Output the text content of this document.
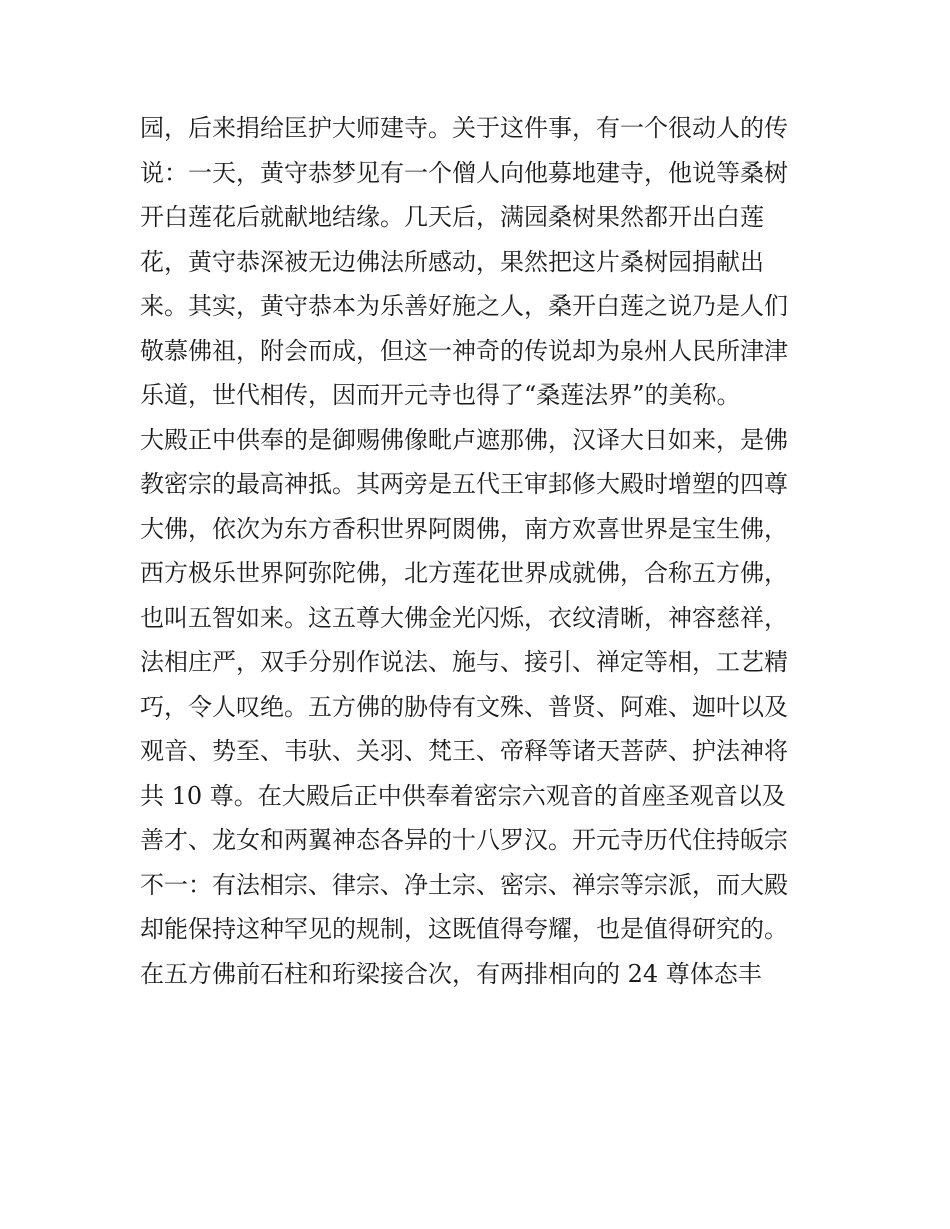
园，后来捐给匡护大师建寺。关于这件事，有一个很动人的传
说：一天，黄守恭梦见有一个僧人向他募地建寺，他说等桑树
开白莲花后就献地结缘。几天后，满园桑树果然都开出白莲
花，黄守恭深被无边佛法所感动，果然把这片桑树园捐献出
来。其实，黄守恭本为乐善好施之人，桑开白莲之说乃是人们
敬慕佛祖，附会而成，但这一神奇的传说却为泉州人民所津津
乐道，世代相传，因而开元寺也得了“桑莲法界”的美称。
大殿正中供奉的是御赐佛像毗卢遮那佛，汉译大日如来，是佛
教密宗的最高神抵。其两旁是五代王审邽修大殿时增塑的四尊
大佛，依次为东方香积世界阿閦佛，南方欢喜世界是宝生佛，
西方极乐世界阿弥陀佛，北方莲花世界成就佛，合称五方佛，
也叫五智如来。这五尊大佛金光闪烁，衣纹清晰，神容慈祥，
法相庄严，双手分别作说法、施与、接引、禅定等相，工艺精
巧，令人叹绝。五方佛的胁侍有文殊、普贤、阿难、迦叶以及
观音、势至、韦驮、关羽、梵王、帝释等诸天菩萨、护法神将
共 10 尊。在大殿后正中供奉着密宗六观音的首座圣观音以及
善才、龙女和两翼神态各异的十八罗汉。开元寺历代住持皈宗
不一：有法相宗、律宗、净土宗、密宗、禅宗等宗派，而大殿
却能保持这种罕见的规制，这既值得夸耀，也是值得研究的。
在五方佛前石柱和珩梁接合次，有两排相向的 24 尊体态丰
